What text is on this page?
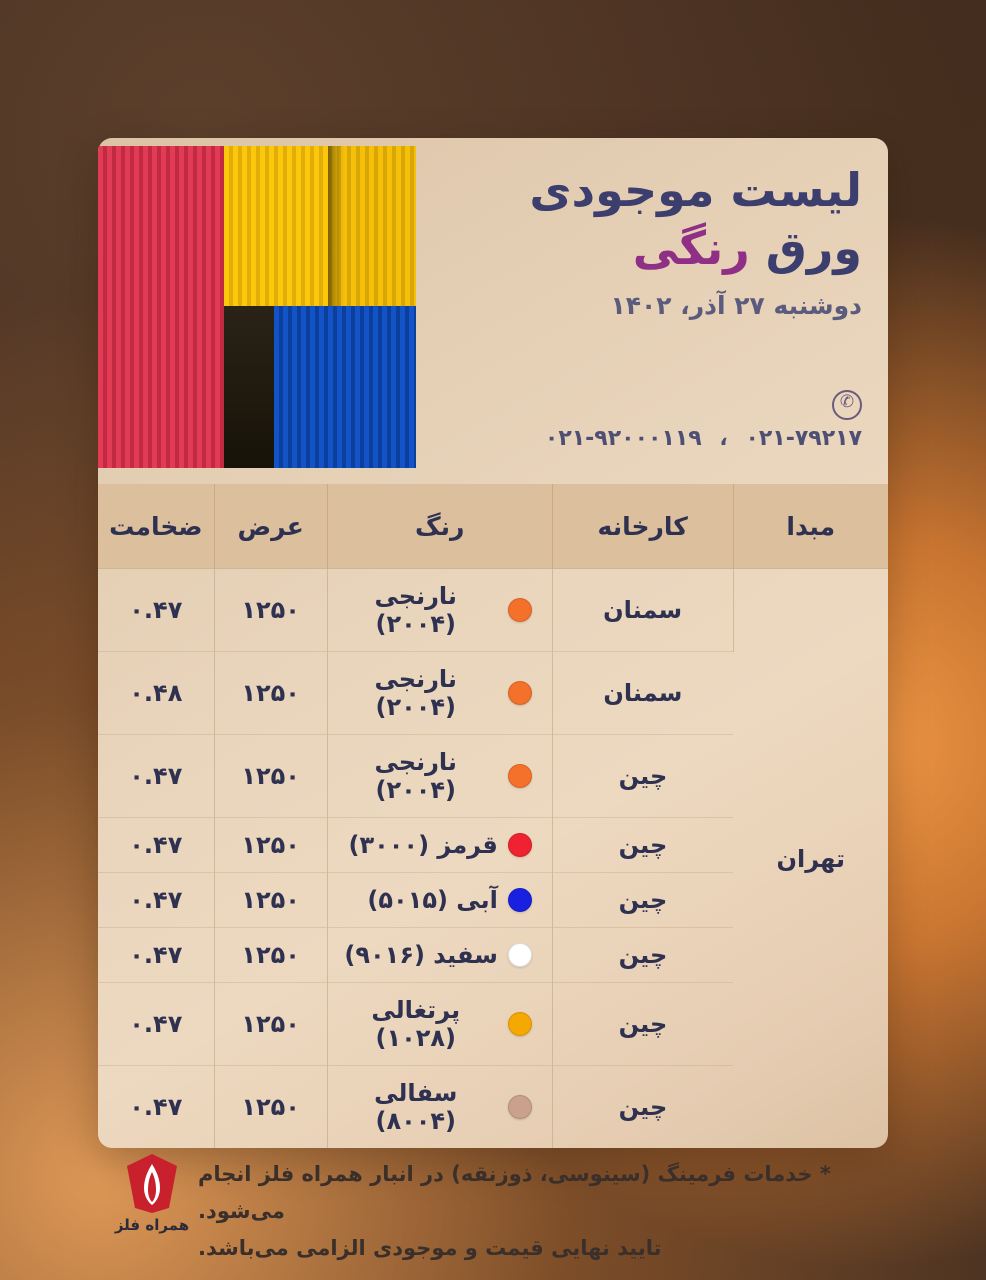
لیست موجودی
ورق رنگی
دوشنبه ۲۷ آذر، ۱۴۰۲
✆
۰۲۱-۷۹۲۱۷ ، ۰۲۱-۹۲۰۰۰۱۱۹
مبدا	کارخانه	رنگ	عرض	ضخامت
تهران	سمنان	نارنجی (۲۰۰۴)	۱۲۵۰	۰.۴۷
	سمنان	نارنجی (۲۰۰۴)	۱۲۵۰	۰.۴۸
	چین	نارنجی (۲۰۰۴)	۱۲۵۰	۰.۴۷
	چین	قرمز (۳۰۰۰)	۱۲۵۰	۰.۴۷
	چین	آبی (۵۰۱۵)	۱۲۵۰	۰.۴۷
	چین	سفید (۹۰۱۶)	۱۲۵۰	۰.۴۷
	چین	پرتغالی (۱۰۲۸)	۱۲۵۰	۰.۴۷
	چین	سفالی (۸۰۰۴)	۱۲۵۰	۰.۴۷
* خدمات فرمینگ (سینوسی، ذوزنقه) در انبار همراه فلز انجام می‌شود.
تایید نهایی قیمت و موجودی الزامی می‌باشد.
همراه فلز
